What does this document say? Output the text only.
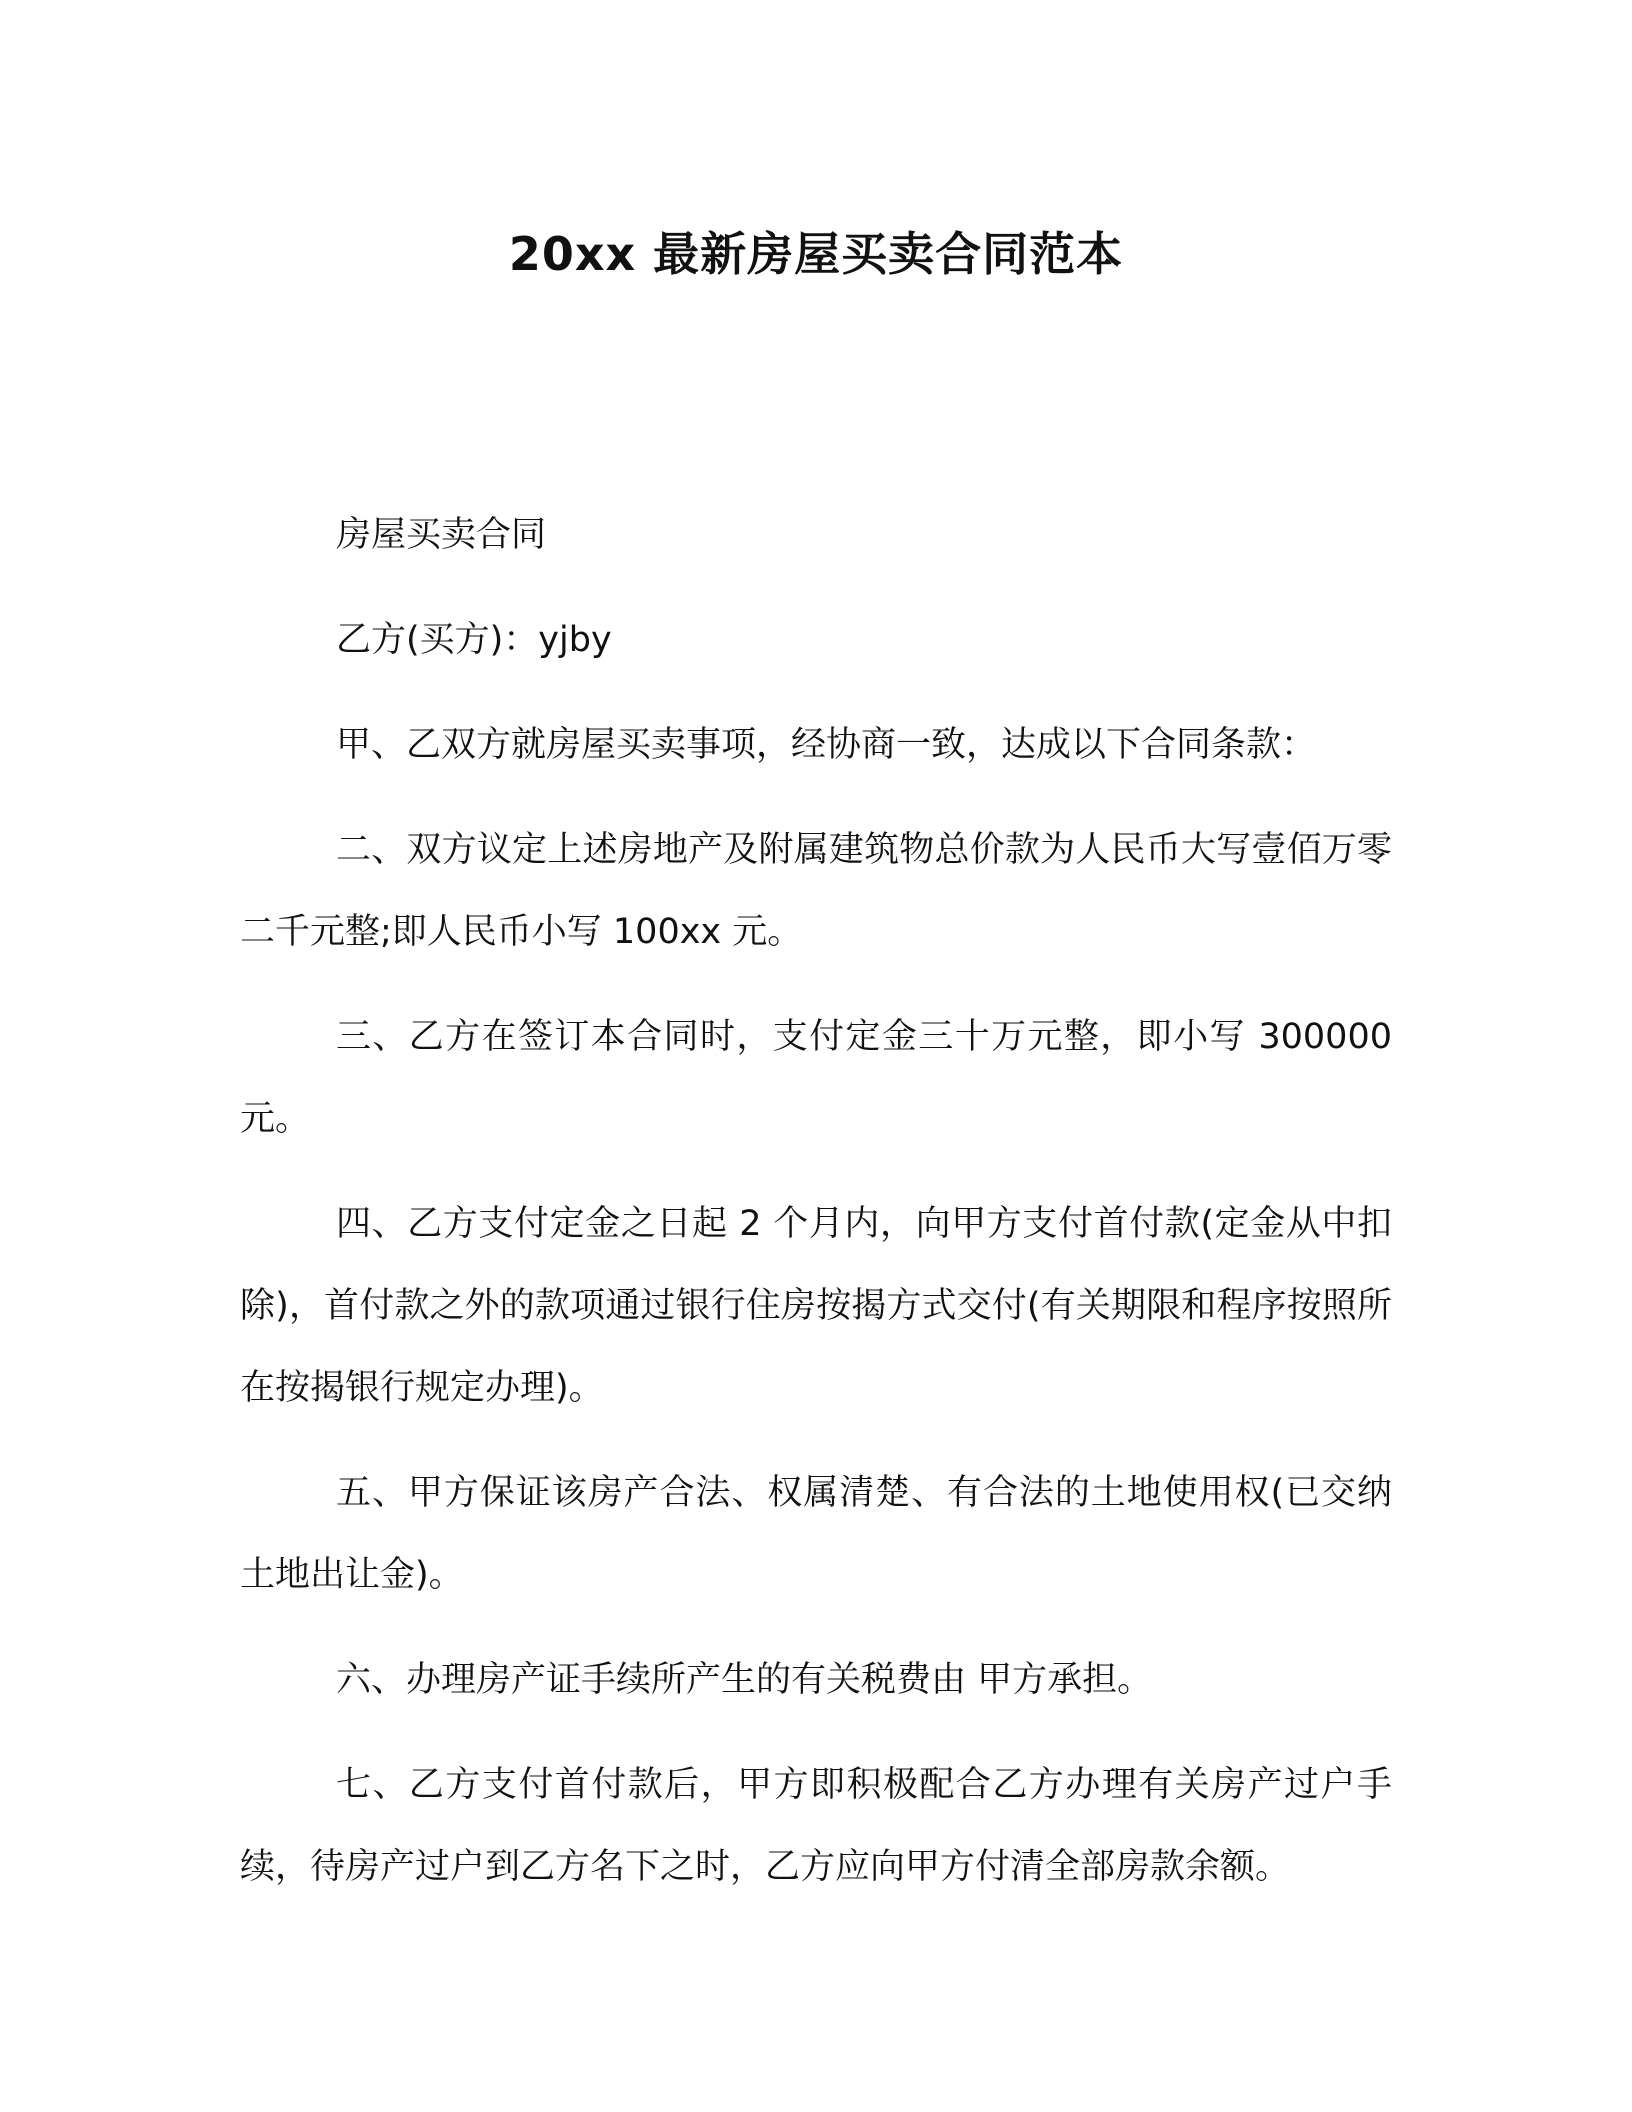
20xx 最新房屋买卖合同范本

房屋买卖合同

乙方(买方)：yjby

甲、乙双方就房屋买卖事项，经协商一致，达成以下合同条款：

二、双方议定上述房地产及附属建筑物总价款为人民币大写壹佰万零二千元整;即人民币小写 100xx 元。

三、乙方在签订本合同时，支付定金三十万元整，即小写 300000 元。

四、乙方支付定金之日起 2 个月内，向甲方支付首付款(定金从中扣除)，首付款之外的款项通过银行住房按揭方式交付(有关期限和程序按照所在按揭银行规定办理)。

五、甲方保证该房产合法、权属清楚、有合法的土地使用权(已交纳土地出让金)。

六、办理房产证手续所产生的有关税费由 甲方承担。

七、乙方支付首付款后，甲方即积极配合乙方办理有关房产过户手续，待房产过户到乙方名下之时，乙方应向甲方付清全部房款余额。
